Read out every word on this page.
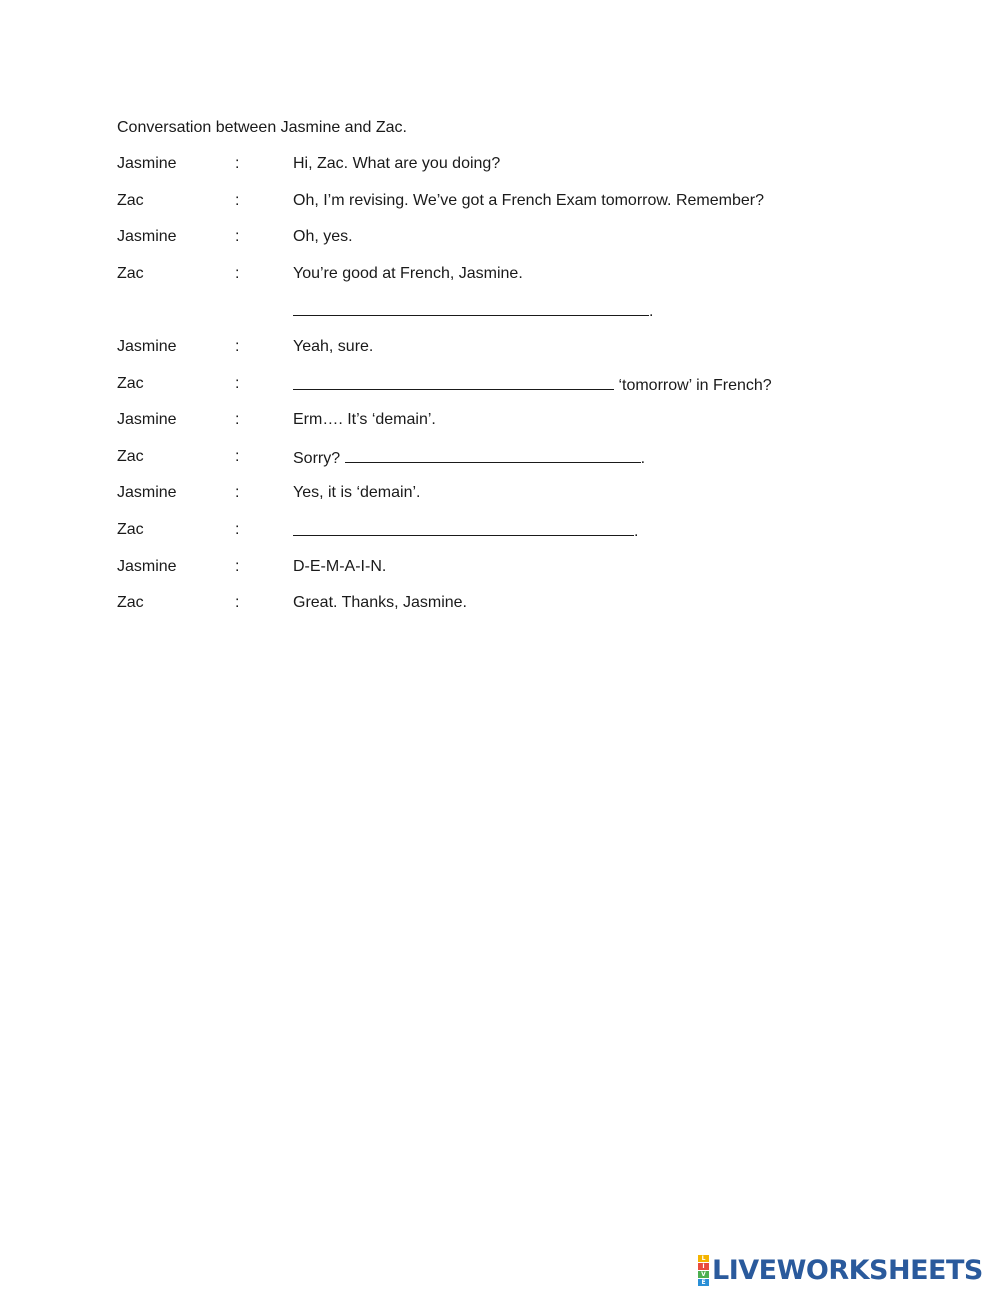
Conversation between Jasmine and Zac.
Jasmine	:	Hi, Zac. What are you doing?
Zac	:	Oh, I’m revising. We’ve got a French Exam tomorrow. Remember?
Jasmine	:	Oh, yes.
Zac	:	You’re good at French, Jasmine.
.
Jasmine	:	Yeah, sure.
Zac	:	‘tomorrow’ in French?
Jasmine	:	Erm…. It’s ‘demain’.
Zac	:	Sorry?	.
Jasmine	:	Yes, it is ‘demain’.
Zac	:	.
Jasmine	:	D-E-M-A-I-N.
Zac	:	Great. Thanks, Jasmine.
L
I
V
E LIVEWORKSHEETS
